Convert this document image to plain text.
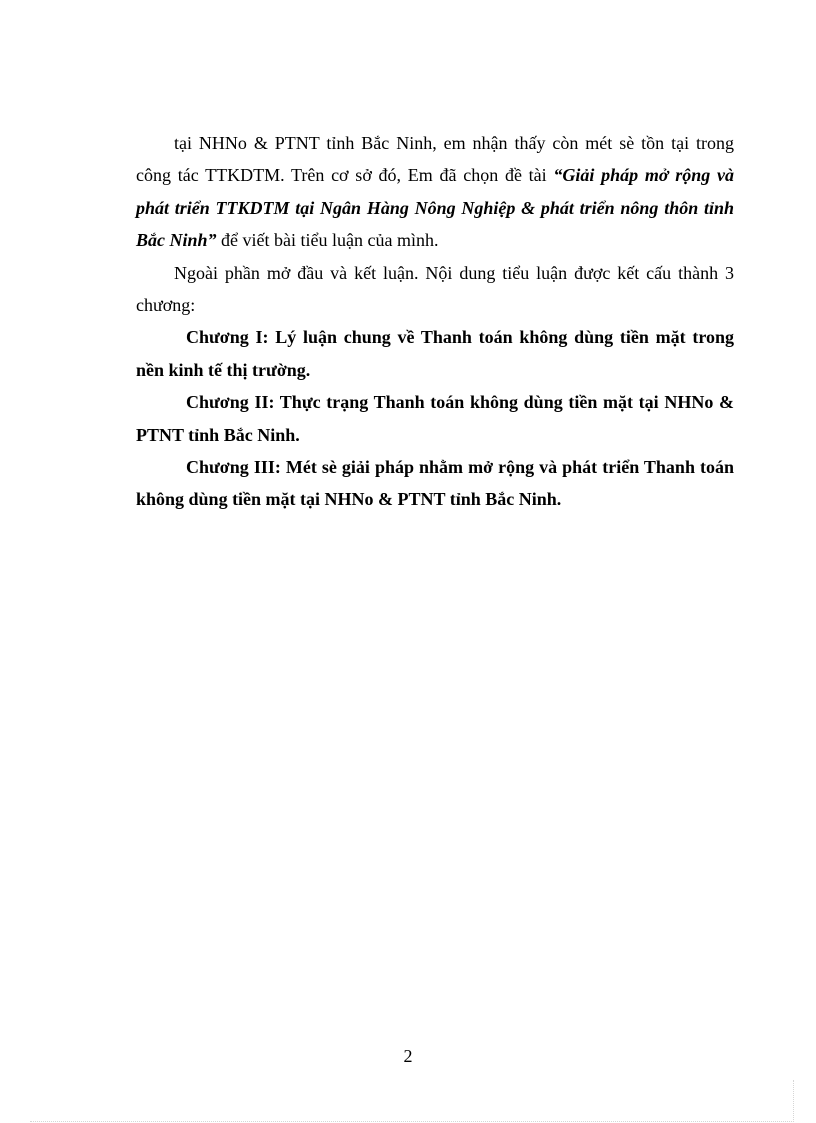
tại NHNo & PTNT tỉnh Bắc Ninh, em nhận thấy còn mét sè tồn tại trong công tác TTKDTM. Trên cơ sở đó, Em đã chọn đề tài “Giải pháp mở rộng và phát triển TTKDTM tại Ngân Hàng Nông Nghiệp & phát triển nông thôn tỉnh Bắc Ninh” để viết bài tiểu luận của mình.

Ngoài phần mở đầu và kết luận. Nội dung tiểu luận được kết cấu thành 3 chương:

Chương I: Lý luận chung về Thanh toán không dùng tiền mặt trong nền kinh tế thị trường.

Chương II: Thực trạng Thanh toán không dùng tiền mặt tại NHNo & PTNT tỉnh Bắc Ninh.

Chương III: Mét sè giải pháp nhằm mở rộng và phát triển Thanh toán không dùng tiền mặt tại NHNo & PTNT tỉnh Bắc Ninh.

2
